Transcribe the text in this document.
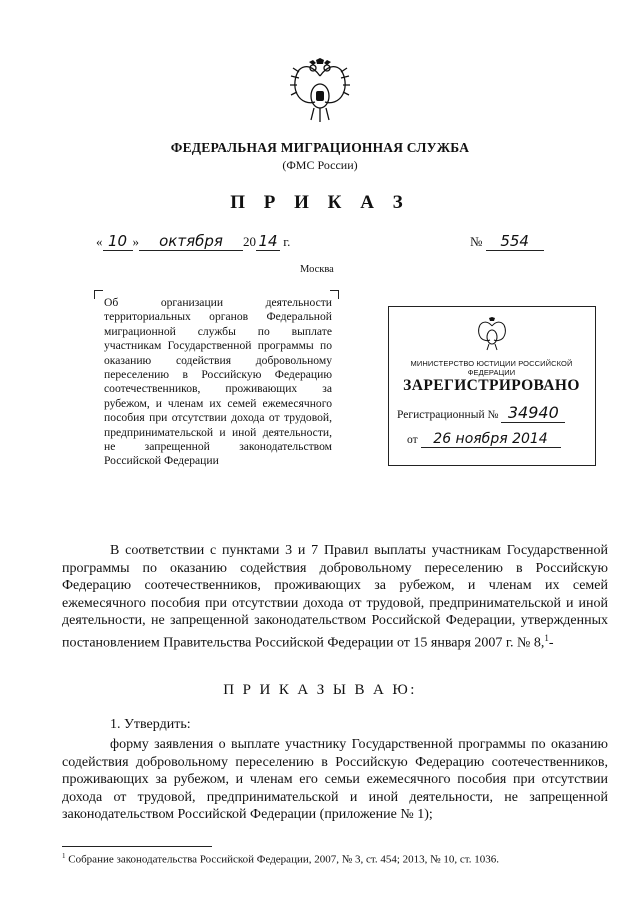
ФЕДЕРАЛЬНАЯ МИГРАЦИОННАЯ СЛУЖБА
(ФМС России)
П Р И К А З
« 10 » октября 20 14 г.	№ 554
Москва
Об организации деятельности территориальных органов Федеральной миграционной службы по выплате участникам Государственной программы по оказанию содействия добровольному переселению в Российскую Федерацию соотечественников, проживающих за рубежом, и членам их семей ежемесячного пособия при отсутствии дохода от трудовой, предпринимательской и иной деятельности, не запрещенной законодательством Российской Федерации
МИНИСТЕРСТВО ЮСТИЦИИ РОССИЙСКОЙ ФЕДЕРАЦИИ
ЗАРЕГИСТРИРОВАНО
Регистрационный № 34940
от 26 ноября 2014
В соответствии с пунктами 3 и 7 Правил выплаты участникам Государственной программы по оказанию содействия добровольному переселению в Российскую Федерацию соотечественников, проживающих за рубежом, и членам их семей ежемесячного пособия при отсутствии дохода от трудовой, предпринимательской и иной деятельности, не запрещенной законодательством Российской Федерации, утвержденных постановлением Правительства Российской Федерации от 15 января 2007 г. № 8,$^1$-
П Р И К А З Ы В А Ю:
1. Утвердить:
форму заявления о выплате участнику Государственной программы по оказанию содействия добровольному переселению в Российскую Федерацию соотечественников, проживающих за рубежом, и членам его семьи ежемесячного пособия при отсутствии дохода от трудовой, предпринимательской и иной деятельности, не запрещенной законодательством Российской Федерации (приложение № 1);
$^1$ Собрание законодательства Российской Федерации, 2007, № 3, ст. 454; 2013, № 10, ст. 1036.
